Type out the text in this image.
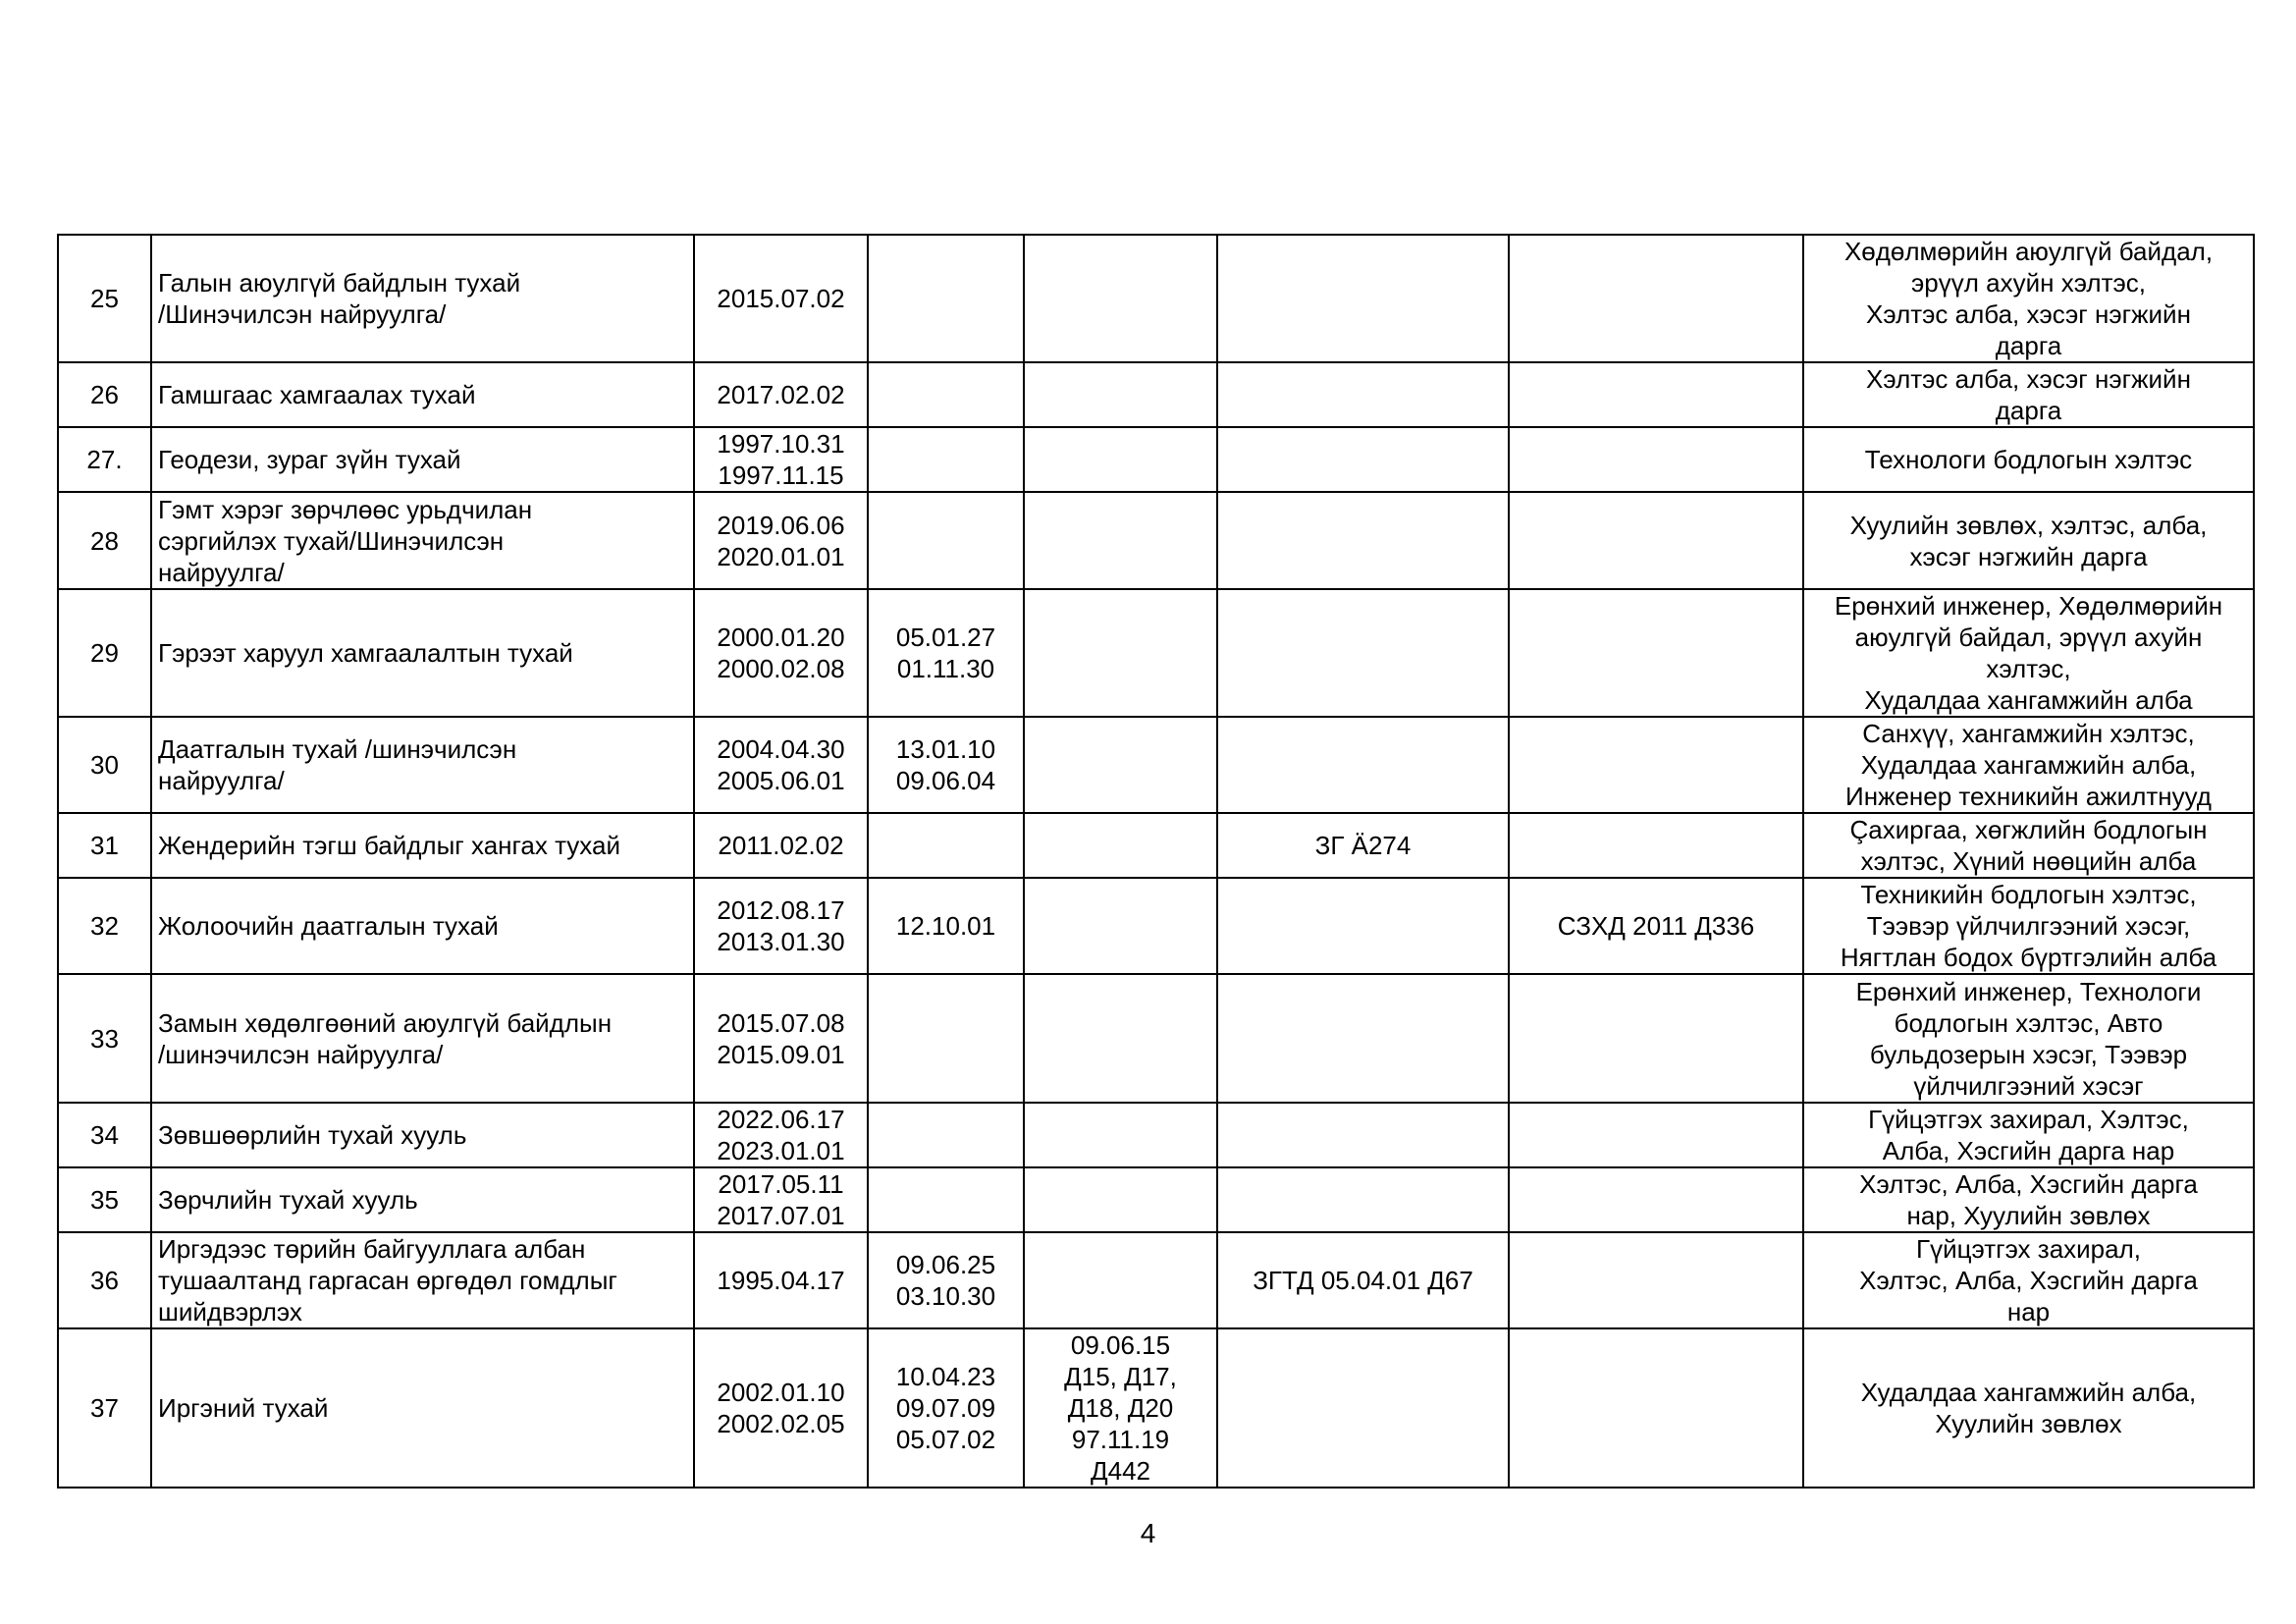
25	Галын аюулгүй байдлын тухай
/Шинэчилсэн найруулга/	2015.07.02					Хөдөлмөрийн аюулгүй байдал,
эрүүл ахуйн хэлтэс,
Хэлтэс алба, хэсэг нэгжийн
дарга
26	Гамшгаас хамгаалах тухай	2017.02.02					Хэлтэс алба, хэсэг нэгжийн
дарга
27.	Геодези, зураг зүйн тухай	1997.10.31
1997.11.15					Технологи бодлогын хэлтэс
28	Гэмт хэрэг зөрчлөөс урьдчилан
сэргийлэх тухай/Шинэчилсэн
найруулга/	2019.06.06
2020.01.01					Хуулийн зөвлөх, хэлтэс, алба,
хэсэг нэгжийн дарга
29	Гэрээт харуул хамгаалалтын тухай	2000.01.20
2000.02.08	05.01.27
01.11.30				Ерөнхий инженер, Хөдөлмөрийн
аюулгүй байдал, эрүүл ахуйн
хэлтэс,
Худалдаа хангамжийн алба
30	Даатгалын тухай /шинэчилсэн
найруулга/	2004.04.30
2005.06.01	13.01.10
09.06.04				Санхүү, хангамжийн хэлтэс,
Худалдаа хангамжийн алба,
Инженер техникийн ажилтнууд
31	Жендерийн тэгш байдлыг хангах тухай	2011.02.02			ЗГ Ä274		Çахиргаа, хөгжлийн бодлогын
хэлтэс, Хүний нөөцийн алба
32	Жолоочийн даатгалын тухай	2012.08.17
2013.01.30	12.10.01			СЗХД 2011 Д336	Техникийн бодлогын хэлтэс,
Тээвэр үйлчилгээний хэсэг,
Нягтлан бодох бүртгэлийн алба
33	Замын хөдөлгөөний аюулгүй байдлын
/шинэчилсэн найруулга/	2015.07.08
2015.09.01					Ерөнхий инженер, Технологи
бодлогын хэлтэс, Авто
бульдозерын хэсэг, Тээвэр
үйлчилгээний хэсэг
34	Зөвшөөрлийн тухай хууль	2022.06.17
2023.01.01					Гүйцэтгэх захирал, Хэлтэс,
Алба, Хэсгийн дарга нар
35	Зөрчлийн тухай хууль	2017.05.11
2017.07.01					Хэлтэс, Алба, Хэсгийн дарга
нар, Хуулийн зөвлөх
36	Иргэдээс төрийн байгууллага албан
тушаалтанд гаргасан өргөдөл гомдлыг
шийдвэрлэх	1995.04.17	09.06.25
03.10.30		ЗГТД 05.04.01 Д67		Гүйцэтгэх захирал,
Хэлтэс, Алба, Хэсгийн дарга
нар
37	Иргэний тухай	2002.01.10
2002.02.05	10.04.23
09.07.09
05.07.02	09.06.15
Д15, Д17,
Д18, Д20
97.11.19
Д442			Худалдаа хангамжийн алба,
Хуулийн зөвлөх
4
